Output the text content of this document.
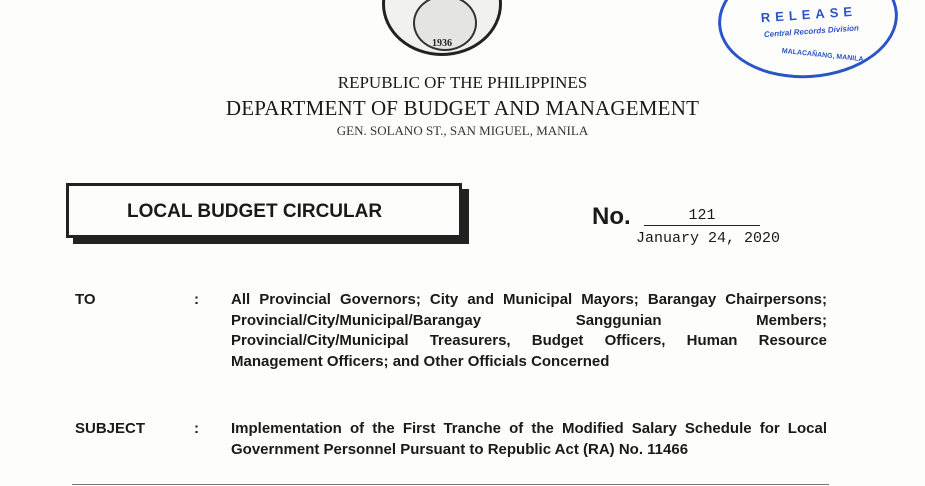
1936
RELEASE
Central Records Division
MALACAÑANG, MANILA
REPUBLIC OF THE PHILIPPINES
DEPARTMENT OF BUDGET AND MANAGEMENT
GEN. SOLANO ST., SAN MIGUEL, MANILA
LOCAL BUDGET CIRCULAR	No.	121
January 24, 2020
TO	: All Provincial Governors; City and Municipal Mayors; Barangay Chairpersons; Provincial/City/Municipal/Barangay Sanggunian Members; Provincial/City/Municipal Treasurers, Budget Officers, Human Resource Management Officers; and Other Officials Concerned
SUBJECT	: Implementation of the First Tranche of the Modified Salary Schedule for Local Government Personnel Pursuant to Republic Act (RA) No. 11466
